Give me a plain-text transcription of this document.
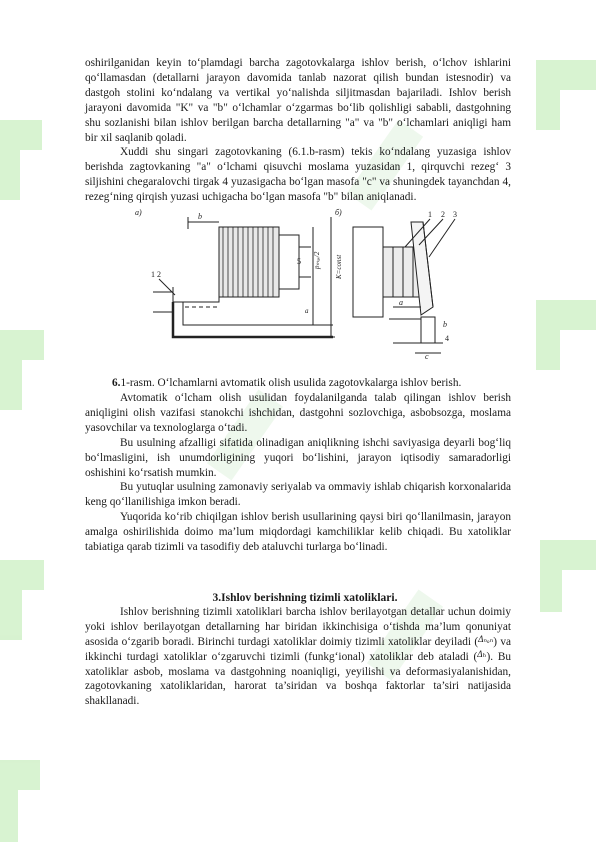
oshirilganidan keyin to‘plamdagi barcha zagotovkalarga ishlov berish, o‘lchov ishlarini qo‘llamasdan (detallarni jarayon davomida tanlab nazorat qilish bundan istesnodir) va dastgoh stolini ko‘ndalang va vertikal yo‘nalishda siljitmasdan bajariladi. Ishlov berish jarayoni davomida "K" va "b" o‘lchamlar o‘zgarmas bo‘lib qolishligi sababli, dastgohning shu sozlanishi bilan ishlov berilgan barcha detallarning "a" va "b" o‘lchamlari aniqligi ham bir xil saqlanib qoladi.

Xuddi shu singari zagotovkaning (6.1.b-rasm) tekis ko‘ndalang yuzasiga ishlov berishda zagtovkaning "a" o‘lchami qisuvchi moslama yuzasidan 1, qirquvchi rezeg‘ 3 siljishini chegaralovchi tirgak 4 yuzasigacha bo‘lgan masofa "c" va shuningdek tayanchdan 4, rezeg‘ning qirqish yuzasi uchigacha bo‘lgan masofa "b" bilan aniqlanadi.

a)	b
1 2
5 pₘₐₓ/2 K=const
a
б)	1 2 3
a
b
4
c

6.1-rasm. O‘lchamlarni avtomatik olish usulida zagotovkalarga ishlov berish.

Avtomatik o‘lcham olish usulidan foydalanilganda talab qilingan ishlov berish aniqligini olish vazifasi stanokchi ishchidan, dastgohni sozlovchiga, asbobsozga, moslama yasovchilar va texnologlarga o‘tadi.

Bu usulning afzalligi sifatida olinadigan aniqlikning ishchi saviyasiga deyarli bog‘liq bo‘lmasligini, ish unumdorligining yuqori bo‘lishini, jarayon iqtisodiy samaradorligi oshishini ko‘rsatish mumkin.

Bu yutuqlar usulning zamonaviy seriyalab va ommaviy ishlab chiqarish korxonalarida keng qo‘llanilishiga imkon beradi.

Yuqorida ko‘rib chiqilgan ishlov berish usullarining qaysi biri qo‘llanilmasin, jarayon amalga oshirilishida doimo ma’lum miqdordagi kamchiliklar kelib chiqadi. Bu xatoliklar tabiatiga qarab tizimli va tasodifiy deb ataluvchi turlarga bo‘linadi.

3.Ishlov berishning tizimli xatoliklari.

Ishlov berishning tizimli xatoliklari barcha ishlov berilayotgan detallar uchun doimiy yoki ishlov berilayotgan detallarning har biridan ikkinchisiga o‘tishda ma’lum qonuniyat asosida o‘zgarib boradi. Birinchi turdagi xatoliklar doimiy tizimli xatoliklar deyiladi ($^{\Delta_{non}}$) va ikkinchi turdagi xatoliklar o‘zgaruvchi tizimli (funkg‘ional) xatoliklar deb ataladi ($^{\Delta_h}$). Bu xatoliklar asbob, moslama va dastgohning noaniqligi, yeyilishi va deformasiyalanishidan, zagotovkaning xatoliklaridan, harorat ta’siridan va boshqa faktorlar ta’siri natijasida shakllanadi.
